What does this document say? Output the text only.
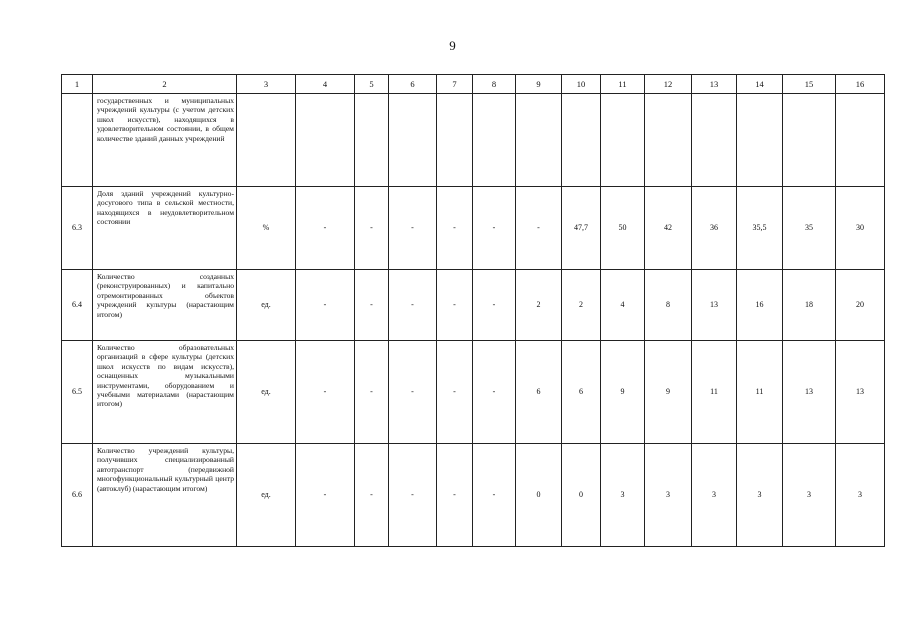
9
1	2	3	4	5	6	7	8	9	10	11	12	13	14	15	16
	государственных и муниципальных учреждений культуры (с учетом детских школ искусств), находящихся в удовлетворительном состоянии, в общем количестве зданий данных учреждений														
6.3	Доля зданий учреждений культурно-досугового типа в сельской местности, находящихся в неудовлетворительном состоянии	%	-	-	-	-	-	-	47,7	50	42	36	35,5	35	30
6.4	Количество созданных (реконструированных) и капитально отремонтированных объектов учреждений культуры (нарастающим итогом)	ед.	-	-	-	-	-	2	2	4	8	13	16	18	20
6.5	Количество образовательных организаций в сфере культуры (детских школ искусств по видам искусств), оснащенных музыкальными инструментами, оборудованием и учебными материалами (нарастающим итогом)	ед.	-	-	-	-	-	6	6	9	9	11	11	13	13
6.6	Количество учреждений культуры, получивших специализированный автотранспорт (передвижной многофункциональный культурный центр (автоклуб) (нарастающим итогом)	ед.	-	-	-	-	-	0	0	3	3	3	3	3	3
